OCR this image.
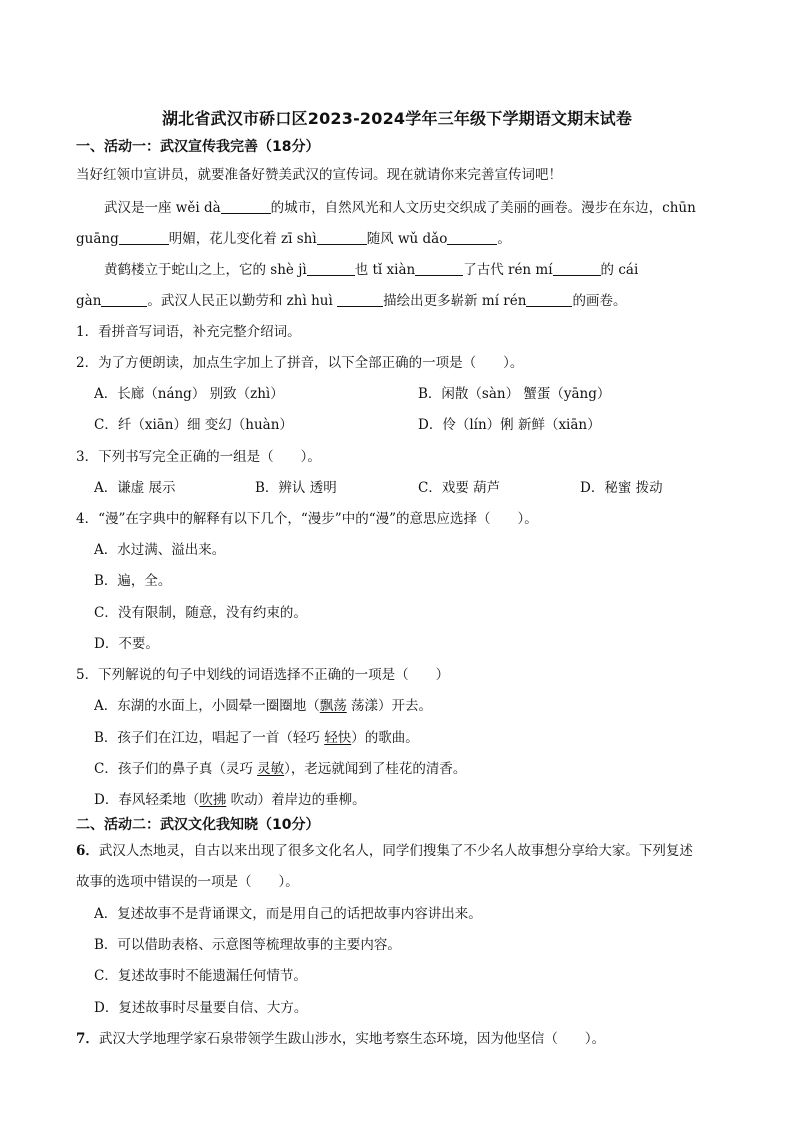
湖北省武汉市硚口区2023-2024学年三年级下学期语文期末试卷
一、活动一：武汉宣传我完善（18分）
当好红领巾宣讲员，就要准备好赞美武汉的宣传词。现在就请你来完善宣传词吧！
武汉是一座 wěi dà	的城市，自然风光和人文历史交织成了美丽的画卷。漫步在东边，chūn
guāng	明媚，花儿变化着 zī shì	随风 wǔ dǎo	。
黄鹤楼立于蛇山之上，它的 shè jì	也 tǐ xiàn	了古代 rén mí	的 cái
gàn	。武汉人民正以勤劳和 zhì huì	描绘出更多崭新 mí rén	的画卷。
1．看拼音写词语，补充完整介绍词。
2．为了方便朗读，加点生字加上了拼音，以下全部正确的一项是（　　）。
A．长廊（náng） 别致（zhì）	B．闲散（sàn） 蟹蛋（yāng）
C．纤（xiān）细 变幻（huàn）	D．伶（lín）俐 新鲜（xiān）
3．下列书写完全正确的一组是（　　）。
A．谦虚 展示	B．辨认 透明	C．戏要 葫芦	D．秘蜜 拨动
4．“漫”在字典中的解释有以下几个，“漫步”中的“漫”的意思应选择（　　）。
A．水过满、溢出来。
B．遍，全。
C．没有限制，随意，没有约束的。
D．不要。
5．下列解说的句子中划线的词语选择不正确的一项是（　　）
A．东湖的水面上，小圆晕一圈圈地（飘荡 荡漾）开去。
B．孩子们在江边，唱起了一首（轻巧 轻快）的歌曲。
C．孩子们的鼻子真（灵巧 灵敏），老远就闻到了桂花的清香。
D．春风轻柔地（吹拂 吹动）着岸边的垂柳。
二、活动二：武汉文化我知晓（10分）
6．武汉人杰地灵，自古以来出现了很多文化名人，同学们搜集了不少名人故事想分享给大家。下列复述
故事的选项中错误的一项是（　　）。
A．复述故事不是背诵课文，而是用自己的话把故事内容讲出来。
B．可以借助表格、示意图等梳理故事的主要内容。
C．复述故事时不能遗漏任何情节。
D．复述故事时尽量要自信、大方。
7．武汉大学地理学家石泉带领学生跋山涉水，实地考察生态环境，因为他坚信（　　）。
